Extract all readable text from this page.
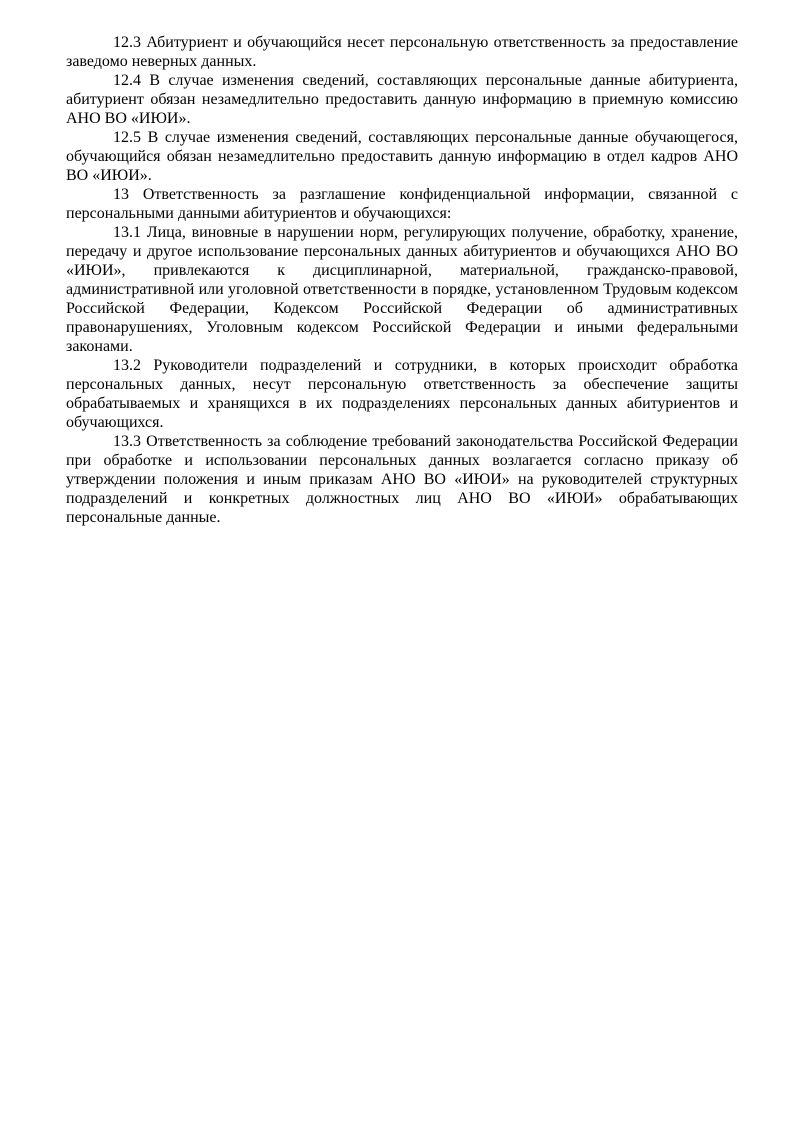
12.3 Абитуриент и обучающийся несет персональную ответственность за предоставление заведомо неверных данных.

12.4 В случае изменения сведений, составляющих персональные данные абитуриента, абитуриент обязан незамедлительно предоставить данную информацию в приемную комиссию АНО ВО «ИЮИ».

12.5 В случае изменения сведений, составляющих персональные данные обучающегося, обучающийся обязан незамедлительно предоставить данную информацию в отдел кадров АНО ВО «ИЮИ».

13 Ответственность за разглашение конфиденциальной информации, связанной с персональными данными абитуриентов и обучающихся:

13.1 Лица, виновные в нарушении норм, регулирующих получение, обработку, хранение, передачу и другое использование персональных данных абитуриентов и обучающихся АНО ВО «ИЮИ», привлекаются к дисциплинарной, материальной, гражданско-правовой, административной или уголовной ответственности в порядке, установленном Трудовым кодексом Российской Федерации, Кодексом Российской Федерации об административных правонарушениях, Уголовным кодексом Российской Федерации и иными федеральными законами.

13.2 Руководители подразделений и сотрудники, в которых происходит обработка персональных данных, несут персональную ответственность за обеспечение защиты обрабатываемых и хранящихся в их подразделениях персональных данных абитуриентов и обучающихся.

13.3 Ответственность за соблюдение требований законодательства Российской Федерации при обработке и использовании персональных данных возлагается согласно приказу об утверждении положения и иным приказам АНО ВО «ИЮИ» на руководителей структурных подразделений и конкретных должностных лиц АНО ВО «ИЮИ» обрабатывающих персональные данные.
